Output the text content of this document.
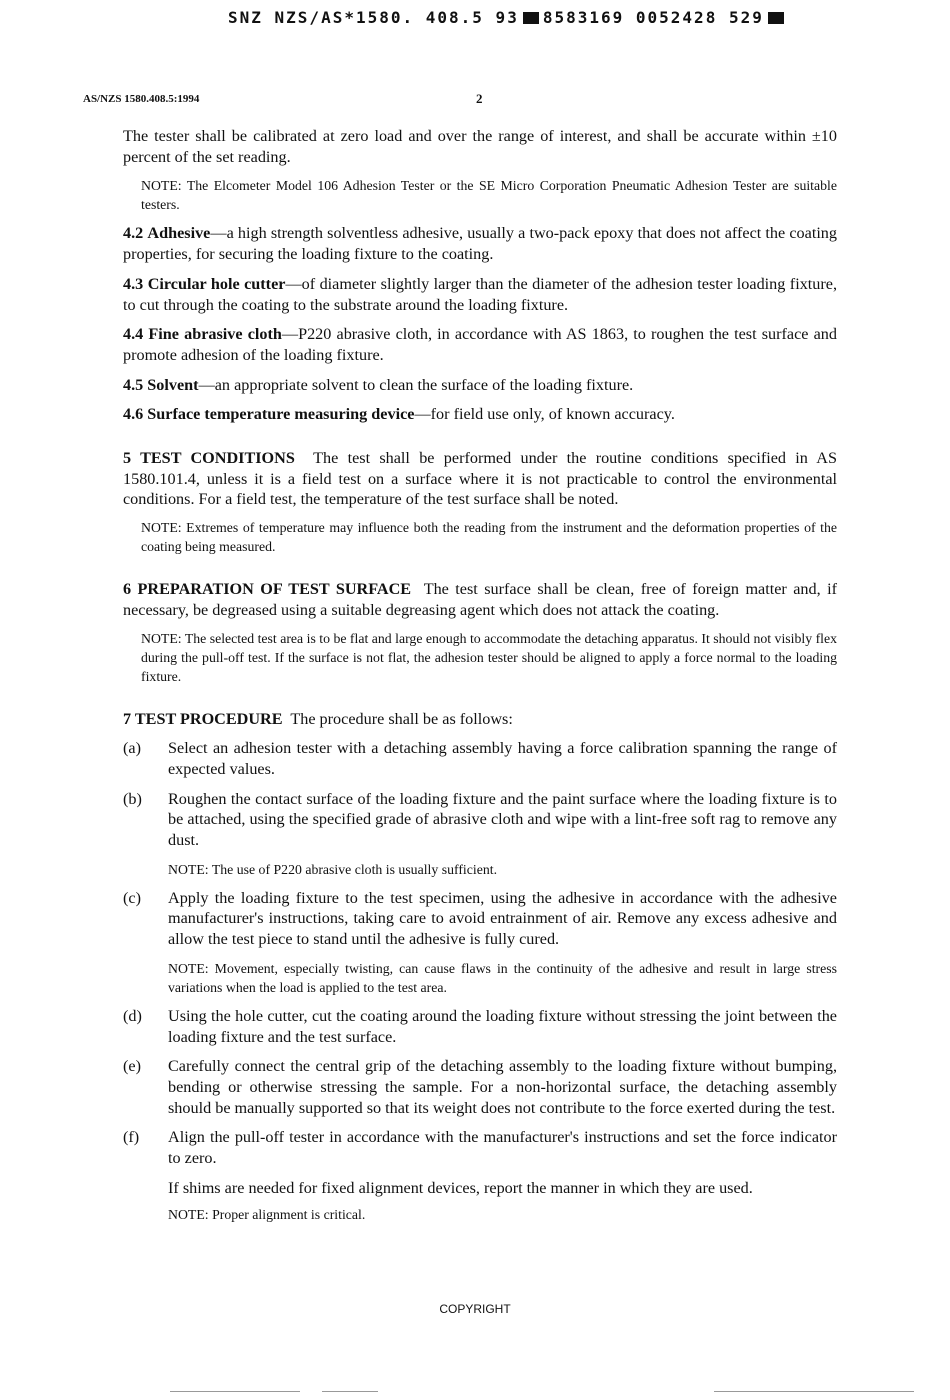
SNZ NZS/AS*1580. 408.5 93 8583169 0052428 529
AS/NZS 1580.408.5:1994	2

The tester shall be calibrated at zero load and over the range of interest, and shall be accurate within ±10 percent of the set reading.

NOTE: The Elcometer Model 106 Adhesion Tester or the SE Micro Corporation Pneumatic Adhesion Tester are suitable testers.

4.2 Adhesive—a high strength solventless adhesive, usually a two-pack epoxy that does not affect the coating properties, for securing the loading fixture to the coating.

4.3 Circular hole cutter—of diameter slightly larger than the diameter of the adhesion tester loading fixture, to cut through the coating to the substrate around the loading fixture.

4.4 Fine abrasive cloth—P220 abrasive cloth, in accordance with AS 1863, to roughen the test surface and promote adhesion of the loading fixture.

4.5 Solvent—an appropriate solvent to clean the surface of the loading fixture.

4.6 Surface temperature measuring device—for field use only, of known accuracy.

5 TEST CONDITIONS The test shall be performed under the routine conditions specified in AS 1580.101.4, unless it is a field test on a surface where it is not practicable to control the environmental conditions. For a field test, the temperature of the test surface shall be noted.

NOTE: Extremes of temperature may influence both the reading from the instrument and the deformation properties of the coating being measured.

6 PREPARATION OF TEST SURFACE The test surface shall be clean, free of foreign matter and, if necessary, be degreased using a suitable degreasing agent which does not attack the coating.

NOTE: The selected test area is to be flat and large enough to accommodate the detaching apparatus. It should not visibly flex during the pull-off test. If the surface is not flat, the adhesion tester should be aligned to apply a force normal to the loading fixture.

7 TEST PROCEDURE The procedure shall be as follows:

(a)	Select an adhesion tester with a detaching assembly having a force calibration spanning the range of expected values.

(b)	Roughen the contact surface of the loading fixture and the paint surface where the loading fixture is to be attached, using the specified grade of abrasive cloth and wipe with a lint-free soft rag to remove any dust.

NOTE: The use of P220 abrasive cloth is usually sufficient.

(c)	Apply the loading fixture to the test specimen, using the adhesive in accordance with the adhesive manufacturer's instructions, taking care to avoid entrainment of air. Remove any excess adhesive and allow the test piece to stand until the adhesive is fully cured.

NOTE: Movement, especially twisting, can cause flaws in the continuity of the adhesive and result in large stress variations when the load is applied to the test area.

(d)	Using the hole cutter, cut the coating around the loading fixture without stressing the joint between the loading fixture and the test surface.

(e)	Carefully connect the central grip of the detaching assembly to the loading fixture without bumping, bending or otherwise stressing the sample. For a non-horizontal surface, the detaching assembly should be manually supported so that its weight does not contribute to the force exerted during the test.

(f)	Align the pull-off tester in accordance with the manufacturer's instructions and set the force indicator to zero.

If shims are needed for fixed alignment devices, report the manner in which they are used.

NOTE: Proper alignment is critical.

COPYRIGHT
